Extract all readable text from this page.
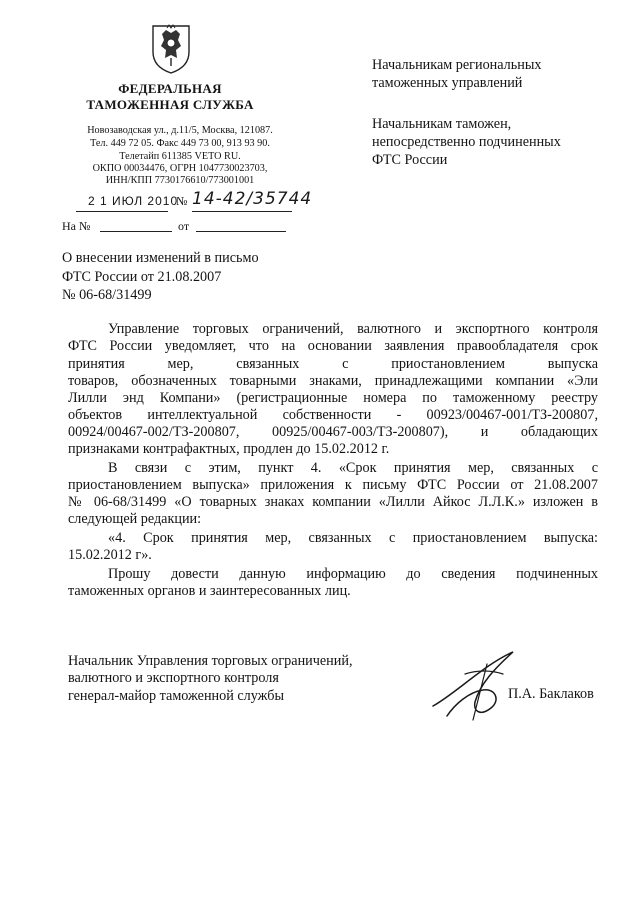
ФЕДЕРАЛЬНАЯ
ТАМОЖЕННАЯ СЛУЖБА
Новозаводская ул., д.11/5, Москва, 121087.
Тел. 449 72 05. Факс 449 73 00, 913 93 90.
Телетайп 611385 VETO RU.
ОКПО 00034476, ОГРН 1047730023703,
ИНН/КПП 7730176610/773001001
2 1 ИЮЛ 2010
№ 14-42/35744
На №	от
Начальникам региональных
таможенных управлений
Начальникам таможен,
непосредственно подчиненных
ФТС России
О внесении изменений в письмо
ФТС России от 21.08.2007
№ 06-68/31499
Управление торговых ограничений, валютного и экспортного контроля
ФТС России уведомляет, что на основании заявления правообладателя срок
принятия мер, связанных с приостановлением выпуска
товаров, обозначенных товарными знаками, принадлежащими компании «Эли
Лилли энд Компани» (регистрационные номера по таможенному реестру
объектов интеллектуальной собственности - 00923/00467-001/ТЗ-200807,
00924/00467-002/ТЗ-200807, 00925/00467-003/ТЗ-200807), и обладающих
признаками контрафактных, продлен до 15.02.2012 г.
В связи с этим, пункт 4. «Срок принятия мер, связанных с
приостановлением выпуска» приложения к письму ФТС России от 21.08.2007
№ 06-68/31499 «О товарных знаках компании «Лилли Айкос Л.Л.К.» изложен в
следующей редакции:
«4. Срок принятия мер, связанных с приостановлением выпуска:
15.02.2012 г».
Прошу довести данную информацию до сведения подчиненных
таможенных органов и заинтересованных лиц.
Начальник Управления торговых ограничений,
валютного и экспортного контроля
генерал-майор таможенной службы	П.А. Баклаков
